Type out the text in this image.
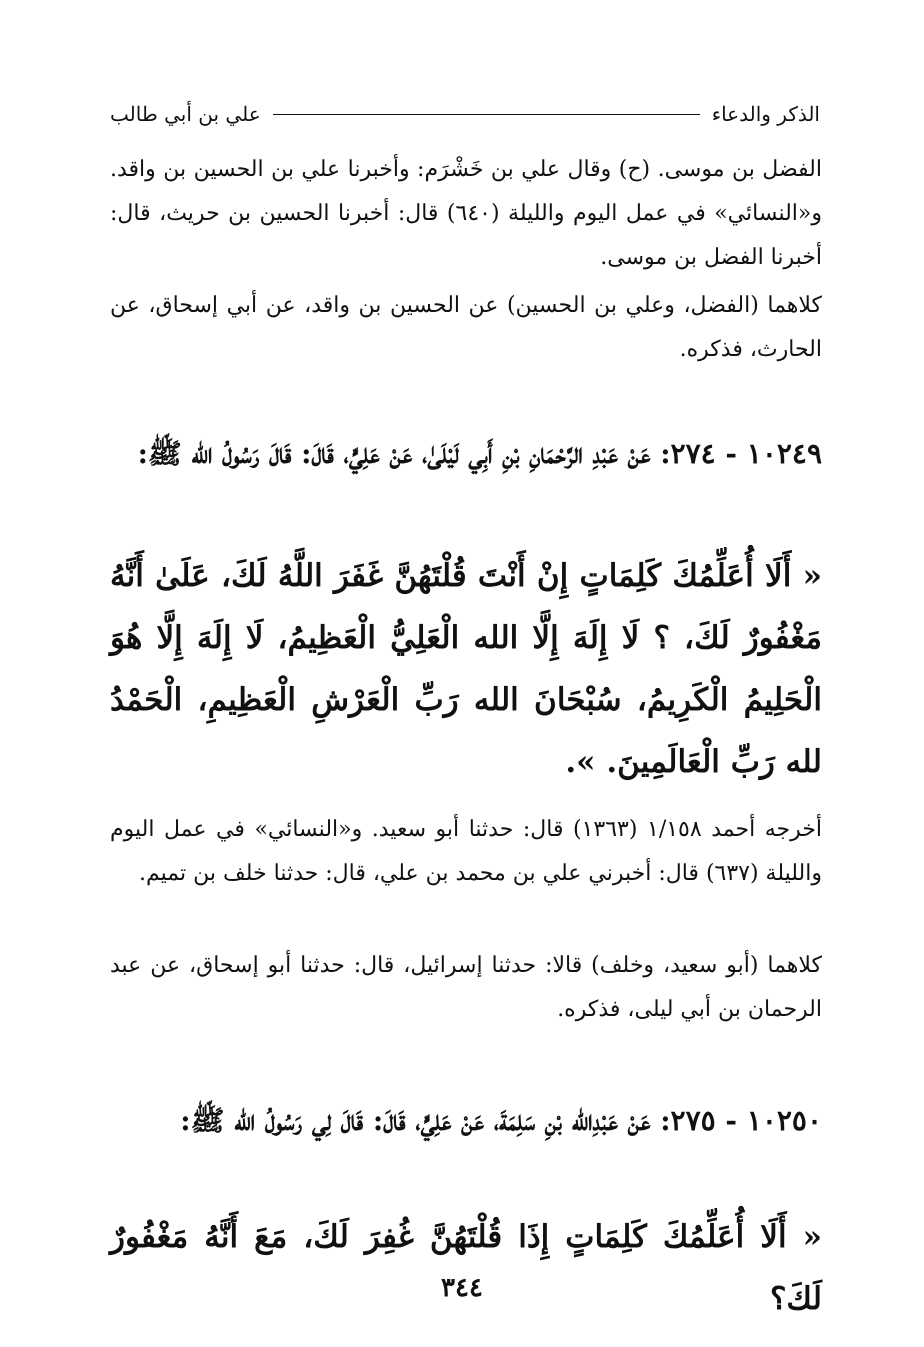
الذكر والدعاء
علي بن أبي طالب

الفضل بن موسى. (ح) وقال علي بن خَشْرَم: وأخبرنا علي بن الحسين بن واقد. و«النسائي» في عمل اليوم والليلة (٦٤٠) قال: أخبرنا الحسين بن حريث، قال: أخبرنا الفضل بن موسى.

كلاهما (الفضل، وعلي بن الحسين) عن الحسين بن واقد، عن أبي إسحاق، عن الحارث، فذكره.

١٠٢٤٩ - ٢٧٤: عَنْ عَبْدِ الرَّحْمَانِ بْنِ أَبِي لَيْلَىٰ، عَنْ عَلِيٍّ، قَالَ: قَالَ رَسُولُ الله ﷺ:

« أَلَا أُعَلِّمُكَ كَلِمَاتٍ إِنْ أَنْتَ قُلْتَهُنَّ غَفَرَ اللَّهُ لَكَ، عَلَىٰ أَنَّهُ مَغْفُورٌ لَكَ، ؟ لَا إِلَهَ إِلَّا الله الْعَلِيُّ الْعَظِيمُ، لَا إِلَهَ إِلَّا هُوَ الْحَلِيمُ الْكَرِيمُ، سُبْحَانَ الله رَبِّ الْعَرْشِ الْعَظِيمِ، الْحَمْدُ لله رَبِّ الْعَالَمِينَ. ».

أخرجه أحمد ١/١٥٨ (١٣٦٣) قال: حدثنا أبو سعيد. و«النسائي» في عمل اليوم والليلة (٦٣٧) قال: أخبرني علي بن محمد بن علي، قال: حدثنا خلف بن تميم.

كلاهما (أبو سعيد، وخلف) قالا: حدثنا إسرائيل، قال: حدثنا أبو إسحاق، عن عبد الرحمان بن أبي ليلى، فذكره.

١٠٢٥٠ - ٢٧٥: عَنْ عَبْدِالله بْنِ سَلِمَةَ، عَنْ عَلِيٍّ، قَالَ: قَالَ لِي رَسُولُ الله ﷺ:

« أَلَا أُعَلِّمُكَ كَلِمَاتٍ إِذَا قُلْتَهُنَّ غُفِرَ لَكَ، مَعَ أَنَّهُ مَغْفُورٌ لَكَ؟

٣٤٤
